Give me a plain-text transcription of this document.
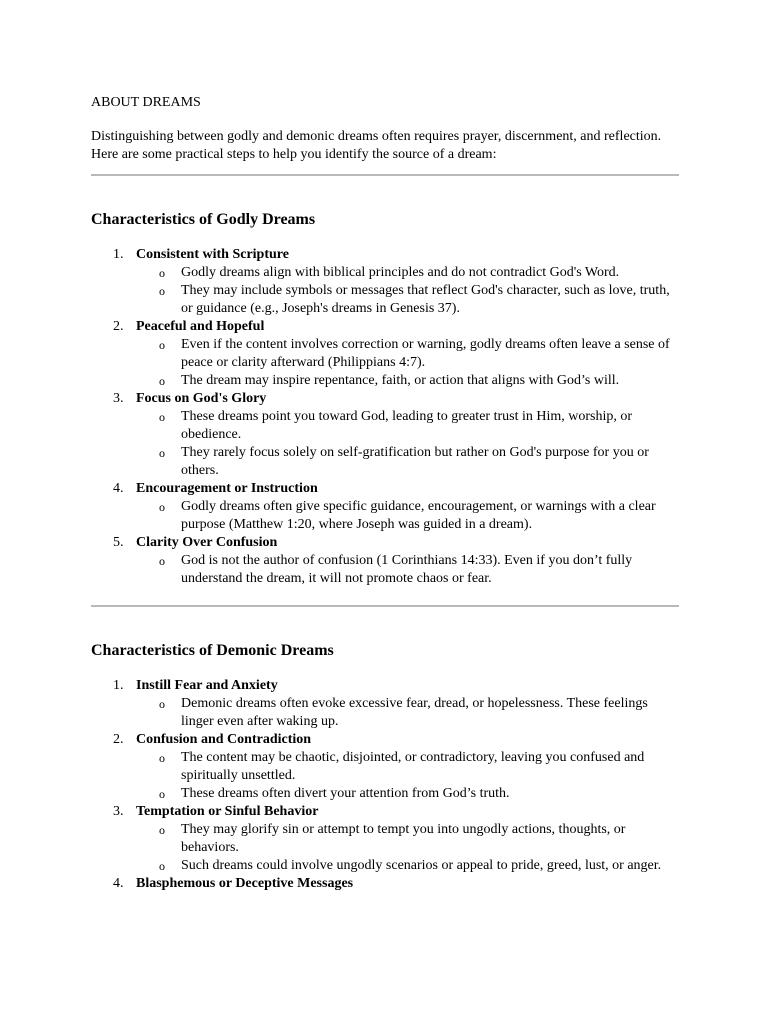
ABOUT DREAMS

Distinguishing between godly and demonic dreams often requires prayer, discernment, and reflection. Here are some practical steps to help you identify the source of a dream:

Characteristics of Godly Dreams
1. Consistent with Scripture
o Godly dreams align with biblical principles and do not contradict God's Word.
o They may include symbols or messages that reflect God's character, such as love, truth, or guidance (e.g., Joseph's dreams in Genesis 37).
2. Peaceful and Hopeful
o Even if the content involves correction or warning, godly dreams often leave a sense of peace or clarity afterward (Philippians 4:7).
o The dream may inspire repentance, faith, or action that aligns with God’s will.
3. Focus on God's Glory
o These dreams point you toward God, leading to greater trust in Him, worship, or obedience.
o They rarely focus solely on self-gratification but rather on God's purpose for you or others.
4. Encouragement or Instruction
o Godly dreams often give specific guidance, encouragement, or warnings with a clear purpose (Matthew 1:20, where Joseph was guided in a dream).
5. Clarity Over Confusion
o God is not the author of confusion (1 Corinthians 14:33). Even if you don’t fully understand the dream, it will not promote chaos or fear.
Characteristics of Demonic Dreams
1. Instill Fear and Anxiety
o Demonic dreams often evoke excessive fear, dread, or hopelessness. These feelings linger even after waking up.
2. Confusion and Contradiction
o The content may be chaotic, disjointed, or contradictory, leaving you confused and spiritually unsettled.
o These dreams often divert your attention from God’s truth.
3. Temptation or Sinful Behavior
o They may glorify sin or attempt to tempt you into ungodly actions, thoughts, or behaviors.
o Such dreams could involve ungodly scenarios or appeal to pride, greed, lust, or anger.
4. Blasphemous or Deceptive Messages
